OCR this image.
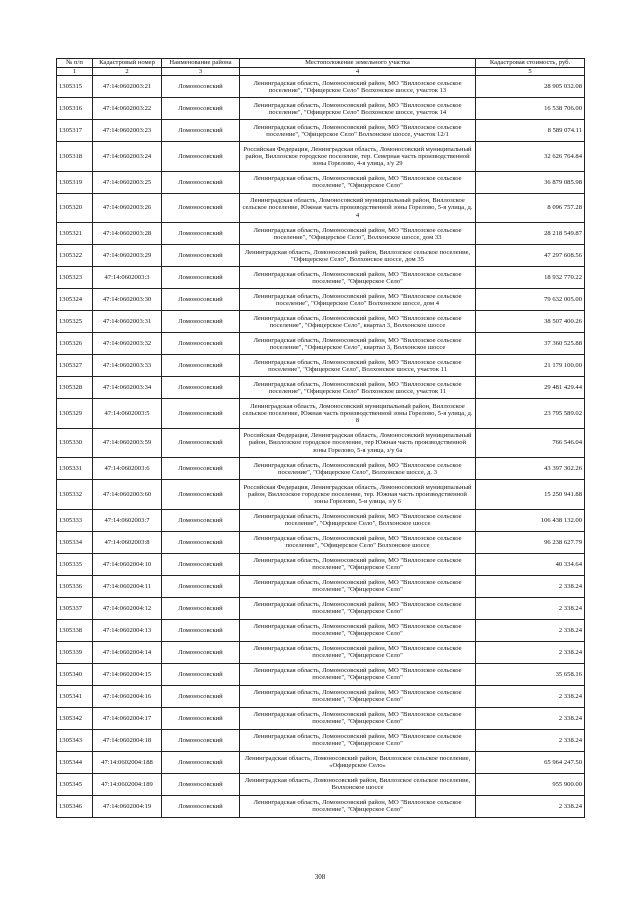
№ п/п	Кадастровый номер	Наименование района	Местоположение земельного участка	Кадастровая стоимость, руб.
1	2	3	4	5
1305315	47:14:0602003:21	Ломоносовский	Ленинградская область, Ломоносовский район, МО "Виллозское сельское поселение", "Офицерское Село" Волхонское шоссе, участок 13	28 905 032.08
1305316	47:14:0602003:22	Ломоносовский	Ленинградская область, Ломоносовский район, МО "Виллозское сельское поселение", "Офицерское Село" Волхонское шоссе, участок 14	16 538 706.00
1305317	47:14:0602003:23	Ломоносовский	Ленинградская область, Ломоносовский район, МО "Виллозское сельское поселение", "Офицерское Село" Волхонское шоссе, участок 12/1	8 589 074.11
1305318	47:14:0602003:24	Ломоносовский	Российская Федерация, Ленинградская область, Ломоносовский муниципальный район, Виллозское городское поселение, тер. Северная часть производственной зоны Горелово, 4-я улица, з/у 29	32 626 764.84
1305319	47:14:0602003:25	Ломоносовский	Ленинградская область, Ломоносовский район, МО "Виллозское сельское поселение", "Офицерское Село"	36 879 085.98
1305320	47:14:0602003:26	Ломоносовский	Ленинградская область, Ломоносовский муниципальный район, Виллозское сельское поселение, Южная часть производственной зоны Горелово, 5-я улица, д. 4	8 096 757.28
1305321	47:14:0602003:28	Ломоносовский	Ленинградская область, Ломоносовский район, МО "Виллозское сельское поселение", "Офицерское Село", Волхонское шоссе, дом 33	28 218 549.87
1305322	47:14:0602003:29	Ломоносовский	Ленинградская область, Ломоносовский район, Виллозское сельское поселение, "Офицерское Село", Волхонское шоссе, дом 35	47 297 608.56
1305323	47:14:0602003:3	Ломоносовский	Ленинградская область, Ломоносовский район, МО "Виллозское сельское поселение", "Офицерское Село"	18 932 770.22
1305324	47:14:0602003:30	Ломоносовский	Ленинградская область, Ломоносовский район, МО "Виллозское сельское поселение", "Офицерское Село" Волхонское шоссе, дом 4	79 632 005.00
1305325	47:14:0602003:31	Ломоносовский	Ленинградская область, Ломоносовский район, МО "Виллозское сельское поселение", "Офицерское Село", квартал 3, Волхонское шоссе	38 507 400.26
1305326	47:14:0602003:32	Ломоносовский	Ленинградская область, Ломоносовский район, МО "Виллозское сельское поселение", "Офицерское Село", квартал 3, Волхонское шоссе	37 360 525.88
1305327	47:14:0602003:33	Ломоносовский	Ленинградская область, Ломоносовский район, МО "Виллозское сельское поселение", "Офицерское Село", Волхонское шоссе, участок 11	21 179 100.00
1305328	47:14:0602003:34	Ломоносовский	Ленинградская область, Ломоносовский район, МО "Виллозское сельское поселение", "Офицерское Село" Волхонское шоссе, участок 11	29 481 429.44
1305329	47:14:0602003:5	Ломоносовский	Ленинградская область, Ломоносовский муниципальный район, Виллозское сельское поселение, Южная часть производственной зоны Горелово, 5-я улица, д. 8	23 795 589.02
1305330	47:14:0602003:59	Ломоносовский	Российская Федерация, Ленинградская область, Ломоносовский муниципальный район, Виллозское городское поселение, тер Южная часть производственной зоны Горелово, 5-я улица, з/у 6а	766 546.04
1305331	47:14:0602003:6	Ломоносовский	Ленинградская область, Ломоносовский район, МО "Виллозское сельское поселение", "Офицерское Село", Волхонское шоссе, д. 3	43 397 302.26
1305332	47:14:0602003:60	Ломоносовский	Российская Федерация, Ленинградская область, Ломоносовский муниципальный район, Виллозское городское поселение, тер. Южная часть производственной зоны Горелово, 5-я улица, з/у 6	15 250 941.88
1305333	47:14:0602003:7	Ломоносовский	Ленинградская область, Ломоносовский район, МО "Виллозское сельское поселение", "Офицерское Село", Волхонское шоссе	106 438 132.00
1305334	47:14:0602003:8	Ломоносовский	Ленинградская область, Ломоносовский район, МО "Виллозское сельское поселение", "Офицерское Село" Волхонское шоссе	96 238 627.79
1305335	47:14:0602004:10	Ломоносовский	Ленинградская область, Ломоносовский район, МО "Виллозское сельское поселение", "Офицерское Село"	40 334.64
1305336	47:14:0602004:11	Ломоносовский	Ленинградская область, Ломоносовский район, МО "Виллозское сельское поселение", "Офицерское Село"	2 338.24
1305337	47:14:0602004:12	Ломоносовский	Ленинградская область, Ломоносовский район, МО "Виллозское сельское поселение", "Офицерское Село"	2 338.24
1305338	47:14:0602004:13	Ломоносовский	Ленинградская область, Ломоносовский район, МО "Виллозское сельское поселение", "Офицерское Село"	2 338.24
1305339	47:14:0602004:14	Ломоносовский	Ленинградская область, Ломоносовский район, МО "Виллозское сельское поселение", "Офицерское Село"	2 338.24
1305340	47:14:0602004:15	Ломоносовский	Ленинградская область, Ломоносовский район, МО "Виллозское сельское поселение", "Офицерское Село"	35 658.16
1305341	47:14:0602004:16	Ломоносовский	Ленинградская область, Ломоносовский район, МО "Виллозское сельское поселение", "Офицерское Село"	2 338.24
1305342	47:14:0602004:17	Ломоносовский	Ленинградская область, Ломоносовский район, МО "Виллозское сельское поселение", "Офицерское Село"	2 338.24
1305343	47:14:0602004:18	Ломоносовский	Ленинградская область, Ломоносовский район, МО "Виллозское сельское поселение", "Офицерское Село"	2 338.24
1305344	47:14:0602004:188	Ломоносовский	Ленинградская область, Ломоносовский район, Виллозское сельское поселение, «Офицерское Село»	65 964 247.50
1305345	47:14:0602004:189	Ломоносовский	Ленинградская область, Ломоносовский район, Виллозское сельское поселение, Волхонское шоссе	955 900.00
1305346	47:14:0602004:19	Ломоносовский	Ленинградская область, Ломоносовский район, МО "Виллозское сельское поселение", "Офицерское Село"	2 338.24
308
